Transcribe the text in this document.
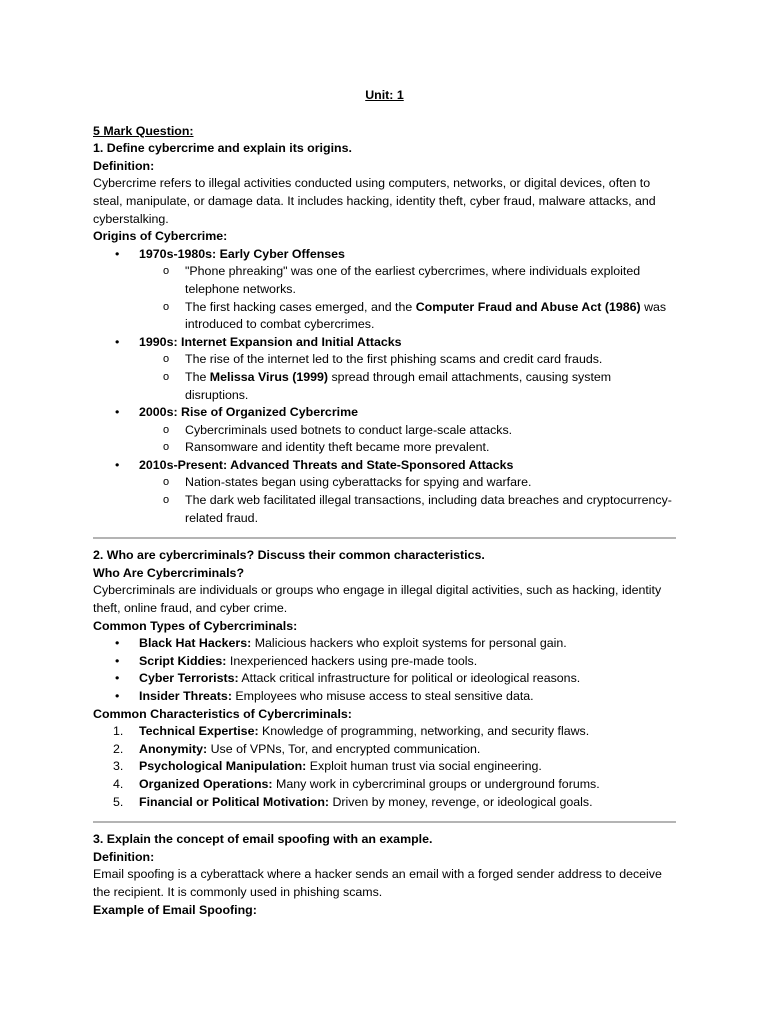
Unit: 1

5 Mark Question:

1. Define cybercrime and explain its origins.

Definition:

Cybercrime refers to illegal activities conducted using computers, networks, or digital devices, often to steal, manipulate, or damage data. It includes hacking, identity theft, cyber fraud, malware attacks, and cyberstalking.

Origins of Cybercrime:

• 1970s-1980s: Early Cyber Offenses
o "Phone phreaking" was one of the earliest cybercrimes, where individuals exploited telephone networks.
o The first hacking cases emerged, and the Computer Fraud and Abuse Act (1986) was introduced to combat cybercrimes.
• 1990s: Internet Expansion and Initial Attacks
o The rise of the internet led to the first phishing scams and credit card frauds.
o The Melissa Virus (1999) spread through email attachments, causing system disruptions.
• 2000s: Rise of Organized Cybercrime
o Cybercriminals used botnets to conduct large-scale attacks.
o Ransomware and identity theft became more prevalent.
• 2010s-Present: Advanced Threats and State-Sponsored Attacks
o Nation-states began using cyberattacks for spying and warfare.
o The dark web facilitated illegal transactions, including data breaches and cryptocurrency-related fraud.

2. Who are cybercriminals? Discuss their common characteristics.

Who Are Cybercriminals?

Cybercriminals are individuals or groups who engage in illegal digital activities, such as hacking, identity theft, online fraud, and cyber crime.

Common Types of Cybercriminals:

• Black Hat Hackers: Malicious hackers who exploit systems for personal gain.
• Script Kiddies: Inexperienced hackers using pre-made tools.
• Cyber Terrorists: Attack critical infrastructure for political or ideological reasons.
• Insider Threats: Employees who misuse access to steal sensitive data.

Common Characteristics of Cybercriminals:

1. Technical Expertise: Knowledge of programming, networking, and security flaws.
2. Anonymity: Use of VPNs, Tor, and encrypted communication.
3. Psychological Manipulation: Exploit human trust via social engineering.
4. Organized Operations: Many work in cybercriminal groups or underground forums.
5. Financial or Political Motivation: Driven by money, revenge, or ideological goals.

3. Explain the concept of email spoofing with an example.

Definition:

Email spoofing is a cyberattack where a hacker sends an email with a forged sender address to deceive the recipient. It is commonly used in phishing scams.

Example of Email Spoofing:
